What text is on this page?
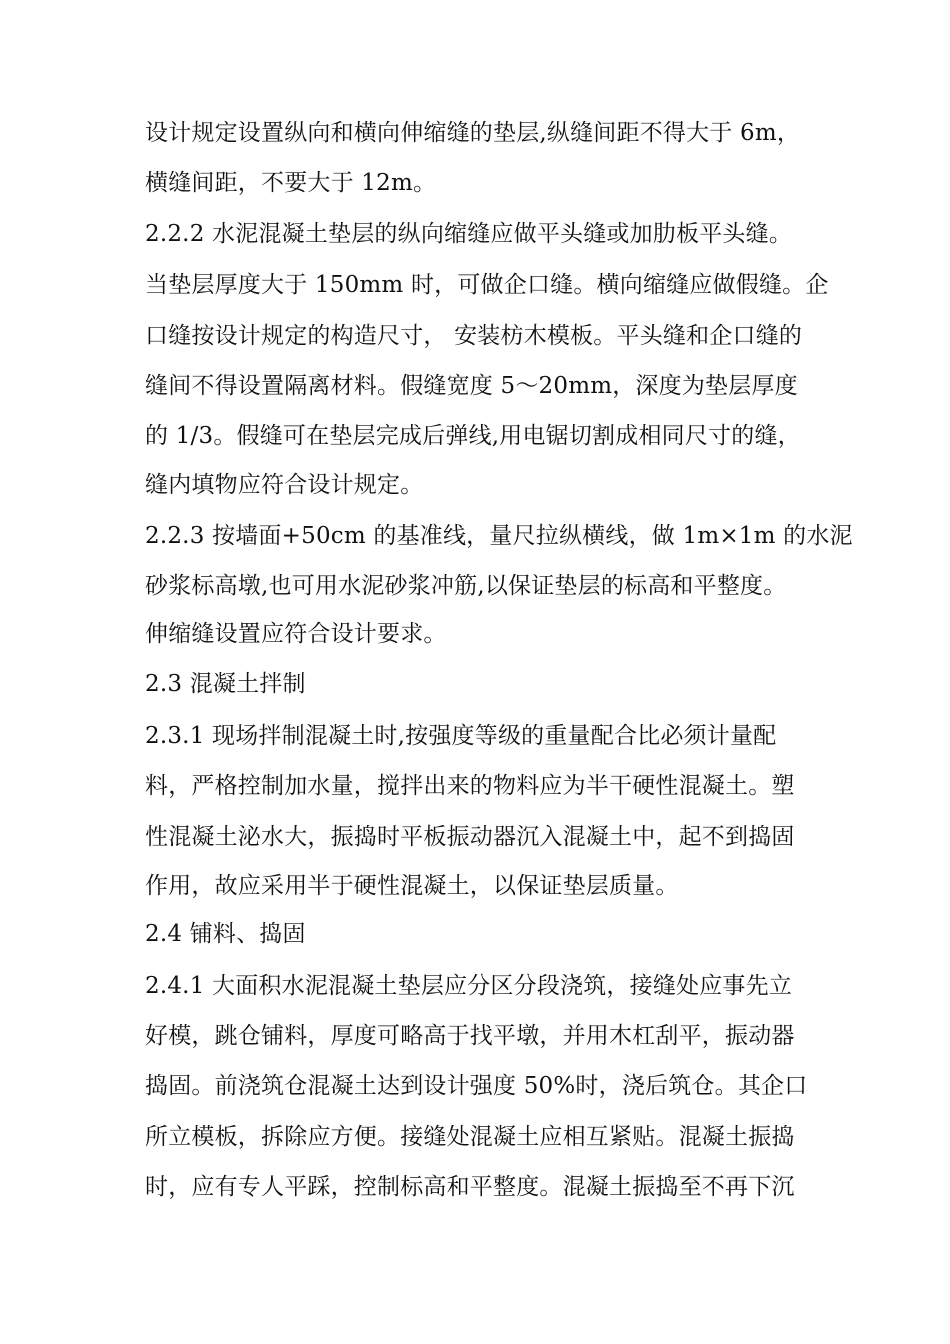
设计规定设置纵向和横向伸缩缝的垫层,纵缝间距不得大于 6m，
横缝间距，不要大于 12m。
2.2.2 水泥混凝土垫层的纵向缩缝应做平头缝或加肋板平头缝。
当垫层厚度大于 150mm 时，可做企口缝。横向缩缝应做假缝。企
口缝按设计规定的构造尺寸， 安装枋木模板。平头缝和企口缝的
缝间不得设置隔离材料。假缝宽度 5～20mm，深度为垫层厚度
的 1/3。假缝可在垫层完成后弹线,用电锯切割成相同尺寸的缝，
缝内填物应符合设计规定。
2.2.3 按墙面+50cm 的基准线，量尺拉纵横线，做 1m×1m 的水泥
砂浆标高墩,也可用水泥砂浆冲筋,以保证垫层的标高和平整度。
伸缩缝设置应符合设计要求。
2.3 混凝土拌制
2.3.1 现场拌制混凝土时,按强度等级的重量配合比必须计量配
料，严格控制加水量，搅拌出来的物料应为半干硬性混凝土。塑
性混凝土泌水大，振捣时平板振动器沉入混凝土中，起不到捣固
作用，故应采用半于硬性混凝土，以保证垫层质量。
2.4 铺料、捣固
2.4.1 大面积水泥混凝土垫层应分区分段浇筑，接缝处应事先立
好模，跳仓铺料，厚度可略高于找平墩，并用木杠刮平，振动器
捣固。前浇筑仓混凝土达到设计强度 50%时，浇后筑仓。其企口
所立模板，拆除应方便。接缝处混凝土应相互紧贴。混凝土振捣
时，应有专人平踩，控制标高和平整度。混凝土振捣至不再下沉
